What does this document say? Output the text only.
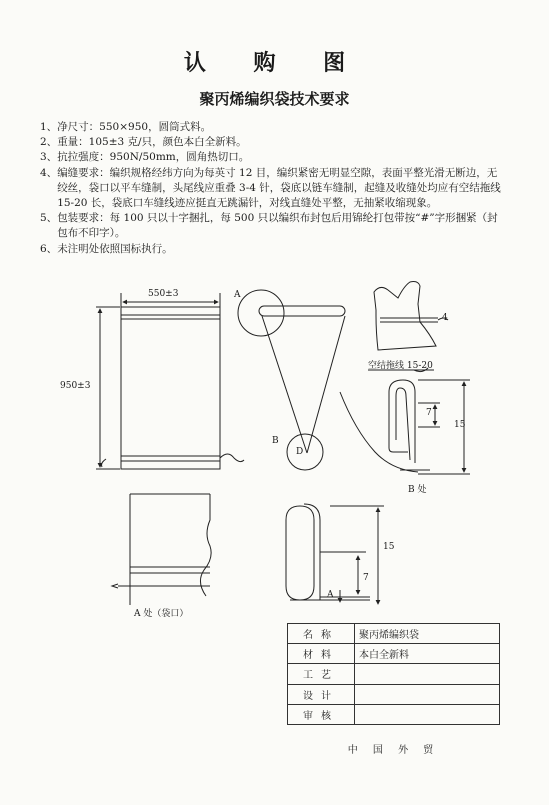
认 购 图
聚丙烯编织袋技术要求
1、 净尺寸：550×950，圆筒式料。
2、 重量：105±3 克/只，颜色本白全新料。
3、 抗拉强度：950N/50mm，圆角热切口。
4、 编缝要求：编织规格经纬方向为每英寸 12 目，编织紧密无明显空隙，表面平整光滑无断边，无绞丝，袋口以平车缝制，头尾线应重叠 3-4 针，袋底以链车缝制，起缝及收缝处均应有空结拖线 15-20 长，袋底口车缝线迹应挺直无跳漏针，对线直缝处平整，无抽紧收缩现象。
5、 包装要求：每 100 只以十字捆扎，每 500 只以编织布封包后用锦纶打包带按“#”字形捆紧（封包布不印字）。
6、 未注明处依照国标执行。
550±3
950±3
A
B
D
4
空结拖线 15-20
7
15
B 处
A 处（袋口）
A
7
15
名称	聚丙烯编织袋
材料	本白全新料
工艺	
设计	
审核	
中 国 外 贸
